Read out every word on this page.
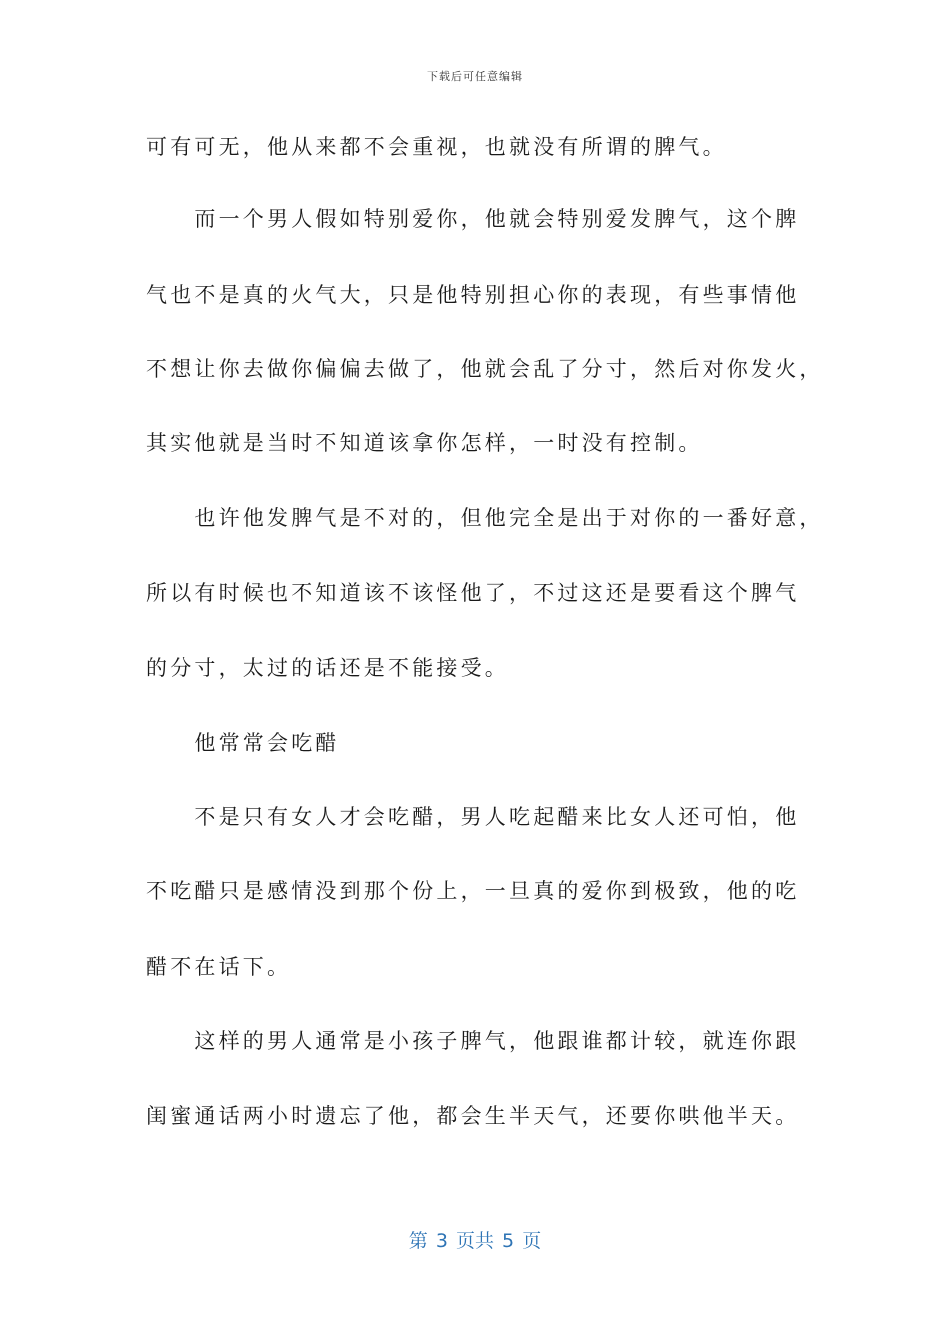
下载后可任意编辑
可有可无，他从来都不会重视，也就没有所谓的脾气。
　　而一个男人假如特别爱你，他就会特别爱发脾气，这个脾
气也不是真的火气大，只是他特别担心你的表现，有些事情他
不想让你去做你偏偏去做了，他就会乱了分寸，然后对你发火，
其实他就是当时不知道该拿你怎样，一时没有控制。
　　也许他发脾气是不对的，但他完全是出于对你的一番好意，
所以有时候也不知道该不该怪他了，不过这还是要看这个脾气
的分寸，太过的话还是不能接受。
　　他常常会吃醋
　　不是只有女人才会吃醋，男人吃起醋来比女人还可怕，他
不吃醋只是感情没到那个份上，一旦真的爱你到极致，他的吃
醋不在话下。
　　这样的男人通常是小孩子脾气，他跟谁都计较，就连你跟
闺蜜通话两小时遗忘了他，都会生半天气，还要你哄他半天。
第 3 页共 5 页
